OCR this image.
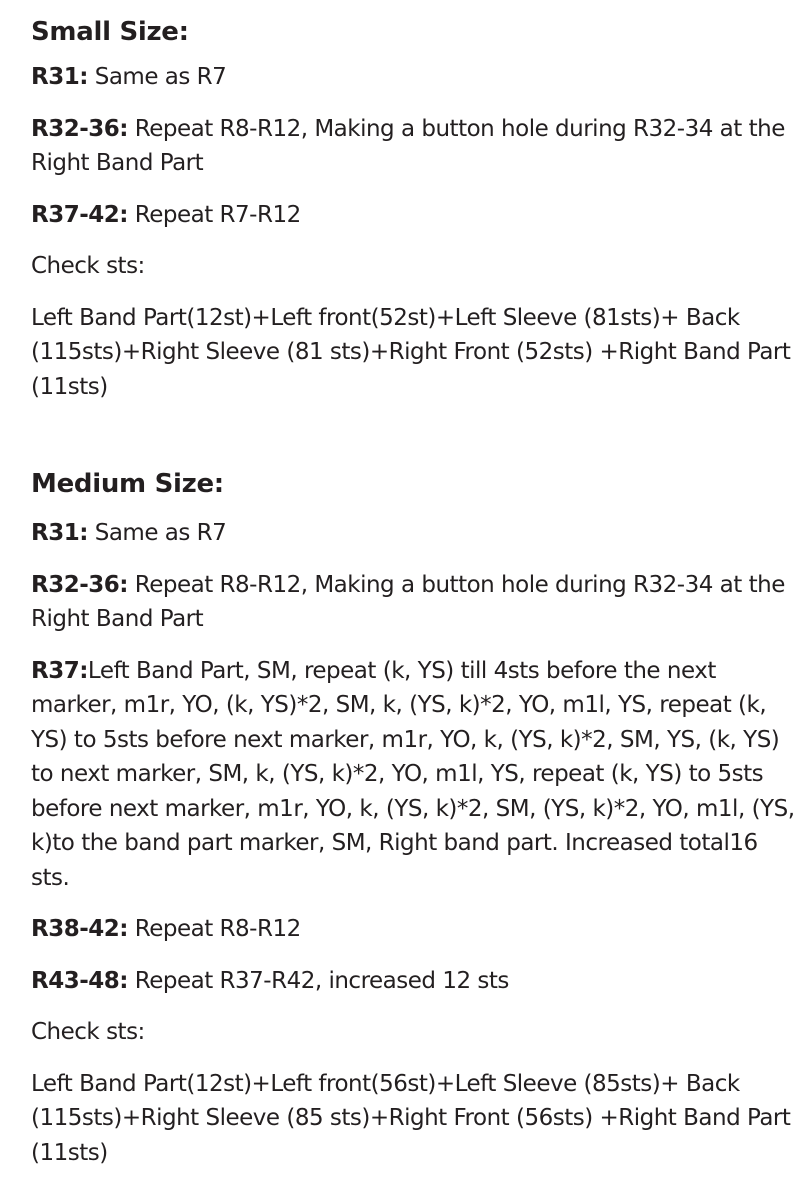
Small Size:

R31: Same as R7

R32-36: Repeat R8-R12, Making a button hole during R32-34 at the Right Band Part

R37-42: Repeat R7-R12

Check sts:

Left Band Part(12st)+Left front(52st)+Left Sleeve (81sts)+ Back (115sts)+Right Sleeve (81 sts)+Right Front (52sts) +Right Band Part (11sts)

Medium Size:

R31: Same as R7

R32-36: Repeat R8-R12, Making a button hole during R32-34 at the Right Band Part

R37:Left Band Part, SM, repeat (k, YS) till 4sts before the next marker, m1r, YO, (k, YS)*2, SM, k, (YS, k)*2, YO, m1l, YS, repeat (k, YS) to 5sts before next marker, m1r, YO, k, (YS, k)*2, SM, YS, (k, YS) to next marker, SM, k, (YS, k)*2, YO, m1l, YS, repeat (k, YS) to 5sts before next marker, m1r, YO, k, (YS, k)*2, SM, (YS, k)*2, YO, m1l, (YS, k)to the band part marker, SM, Right band part. Increased total16 sts.

R38-42: Repeat R8-R12

R43-48: Repeat R37-R42, increased 12 sts

Check sts:

Left Band Part(12st)+Left front(56st)+Left Sleeve (85sts)+ Back (115sts)+Right Sleeve (85 sts)+Right Front (56sts) +Right Band Part (11sts)
